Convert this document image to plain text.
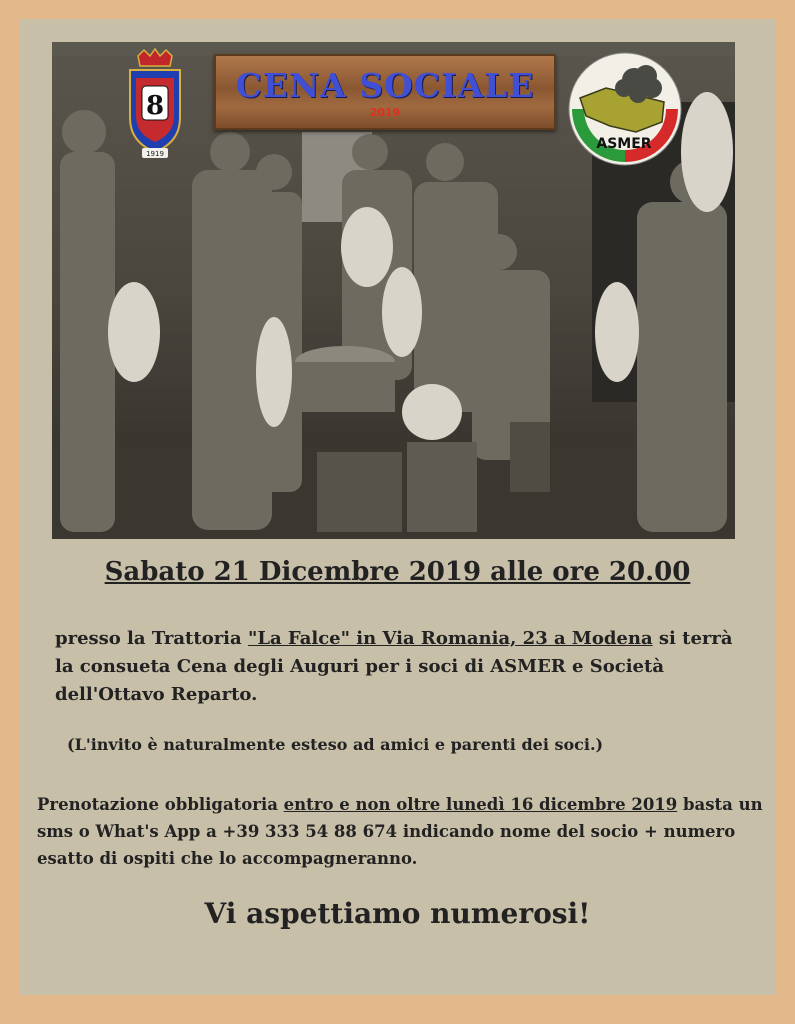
8
1919
CENA SOCIALE
2019
ASMER
Sabato 21 Dicembre 2019 alle ore 20.00
presso la Trattoria "La Falce" in Via Romania, 23 a Modena si terrà la consueta Cena degli Auguri per i soci di ASMER e Società dell'Ottavo Reparto.
(L'invito è naturalmente esteso ad amici e parenti dei soci.)
Prenotazione obbligatoria entro e non oltre lunedì 16 dicembre 2019 basta un sms o What's App a +39 333 54 88 674 indicando nome del socio + numero esatto di ospiti che lo accompagneranno.
Vi aspettiamo numerosi!
